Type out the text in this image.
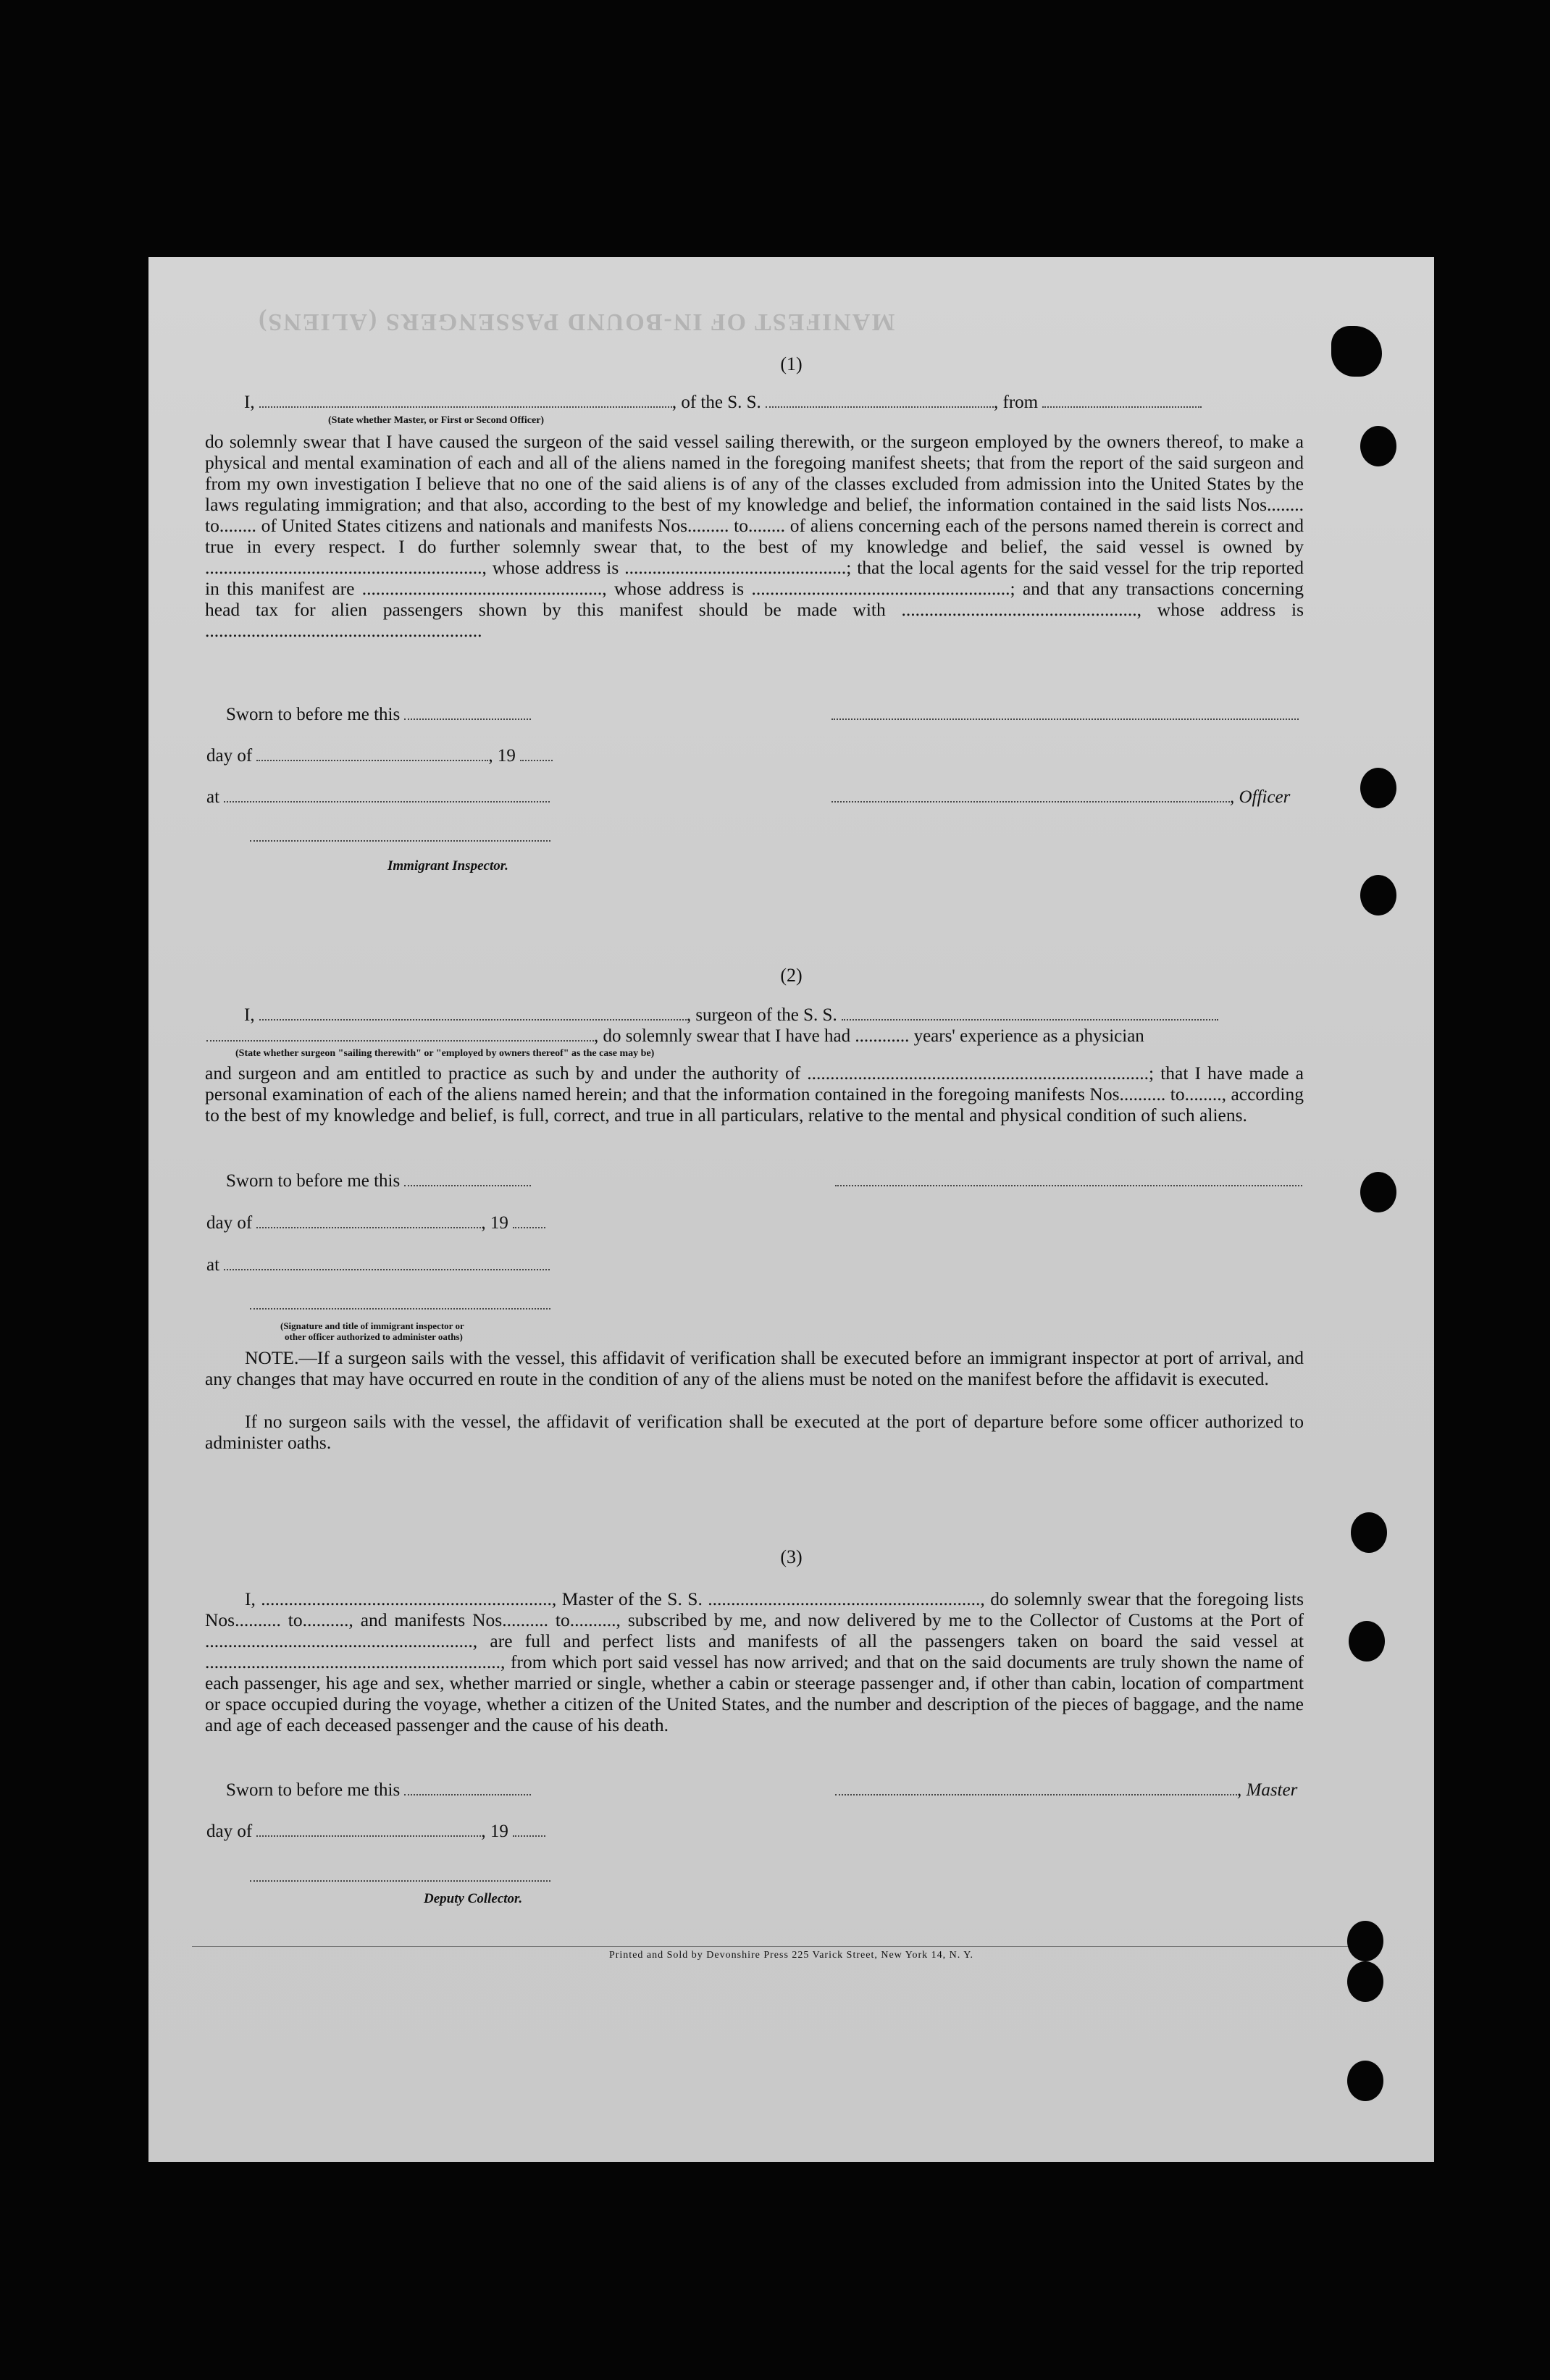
MANIFEST OF IN-BOUND PASSENGERS (ALIENS)
(1)
I,	, of the S. S.	, from
(State whether Master, or First or Second Officer)
do solemnly swear that I have caused the surgeon of the said vessel sailing therewith, or the surgeon employed by the owners thereof, to make a physical and mental examination of each and all of the aliens named in the foregoing manifest sheets; that from the report of the said surgeon and from my own investigation I believe that no one of the said aliens is of any of the classes excluded from admission into the United States by the laws regulating immigration; and that also, according to the best of my knowledge and belief, the information contained in the said lists Nos........ to........ of United States citizens and nationals and manifests Nos......... to........ of aliens concerning each of the persons named therein is correct and true in every respect. I do further solemnly swear that, to the best of my knowledge and belief, the said vessel is owned by ............................................................, whose address is ................................................; that the local agents for the said vessel for the trip reported in this manifest are ...................................................., whose address is ........................................................; and that any transactions concerning head tax for alien passengers shown by this manifest should be made with ..................................................., whose address is ............................................................
Sworn to before me this
day of	, 19
at	, Officer
Immigrant Inspector.
(2)
I,	, surgeon of the S. S.
, do solemnly swear that I have had ............ years' experience as a physician
(State whether surgeon "sailing therewith" or "employed by owners thereof" as the case may be)
and surgeon and am entitled to practice as such by and under the authority of ..........................................................................; that I have made a personal examination of each of the aliens named herein; and that the information contained in the foregoing manifests Nos.......... to........, according to the best of my knowledge and belief, is full, correct, and true in all particulars, relative to the mental and physical condition of such aliens.
Sworn to before me this
day of	, 19
at
(Signature and title of immigrant inspector or
other officer authorized to administer oaths)
NOTE.—If a surgeon sails with the vessel, this affidavit of verification shall be executed before an immigrant inspector at port of arrival, and any changes that may have occurred en route in the condition of any of the aliens must be noted on the manifest before the affidavit is executed.
If no surgeon sails with the vessel, the affidavit of verification shall be executed at the port of departure before some officer authorized to administer oaths.
(3)
I, ..............................................................., Master of the S. S. ..........................................................., do solemnly swear that the foregoing lists Nos.......... to.........., and manifests Nos.......... to.........., subscribed by me, and now delivered by me to the Collector of Customs at the Port of .........................................................., are full and perfect lists and manifests of all the passengers taken on board the said vessel at ................................................................, from which port said vessel has now arrived; and that on the said documents are truly shown the name of each passenger, his age and sex, whether married or single, whether a cabin or steerage passenger and, if other than cabin, location of compartment or space occupied during the voyage, whether a citizen of the United States, and the number and description of the pieces of baggage, and the name and age of each deceased passenger and the cause of his death.
Sworn to before me this	, Master
day of	, 19
Deputy Collector.
Printed and Sold by Devonshire Press 225 Varick Street, New York 14, N. Y.
